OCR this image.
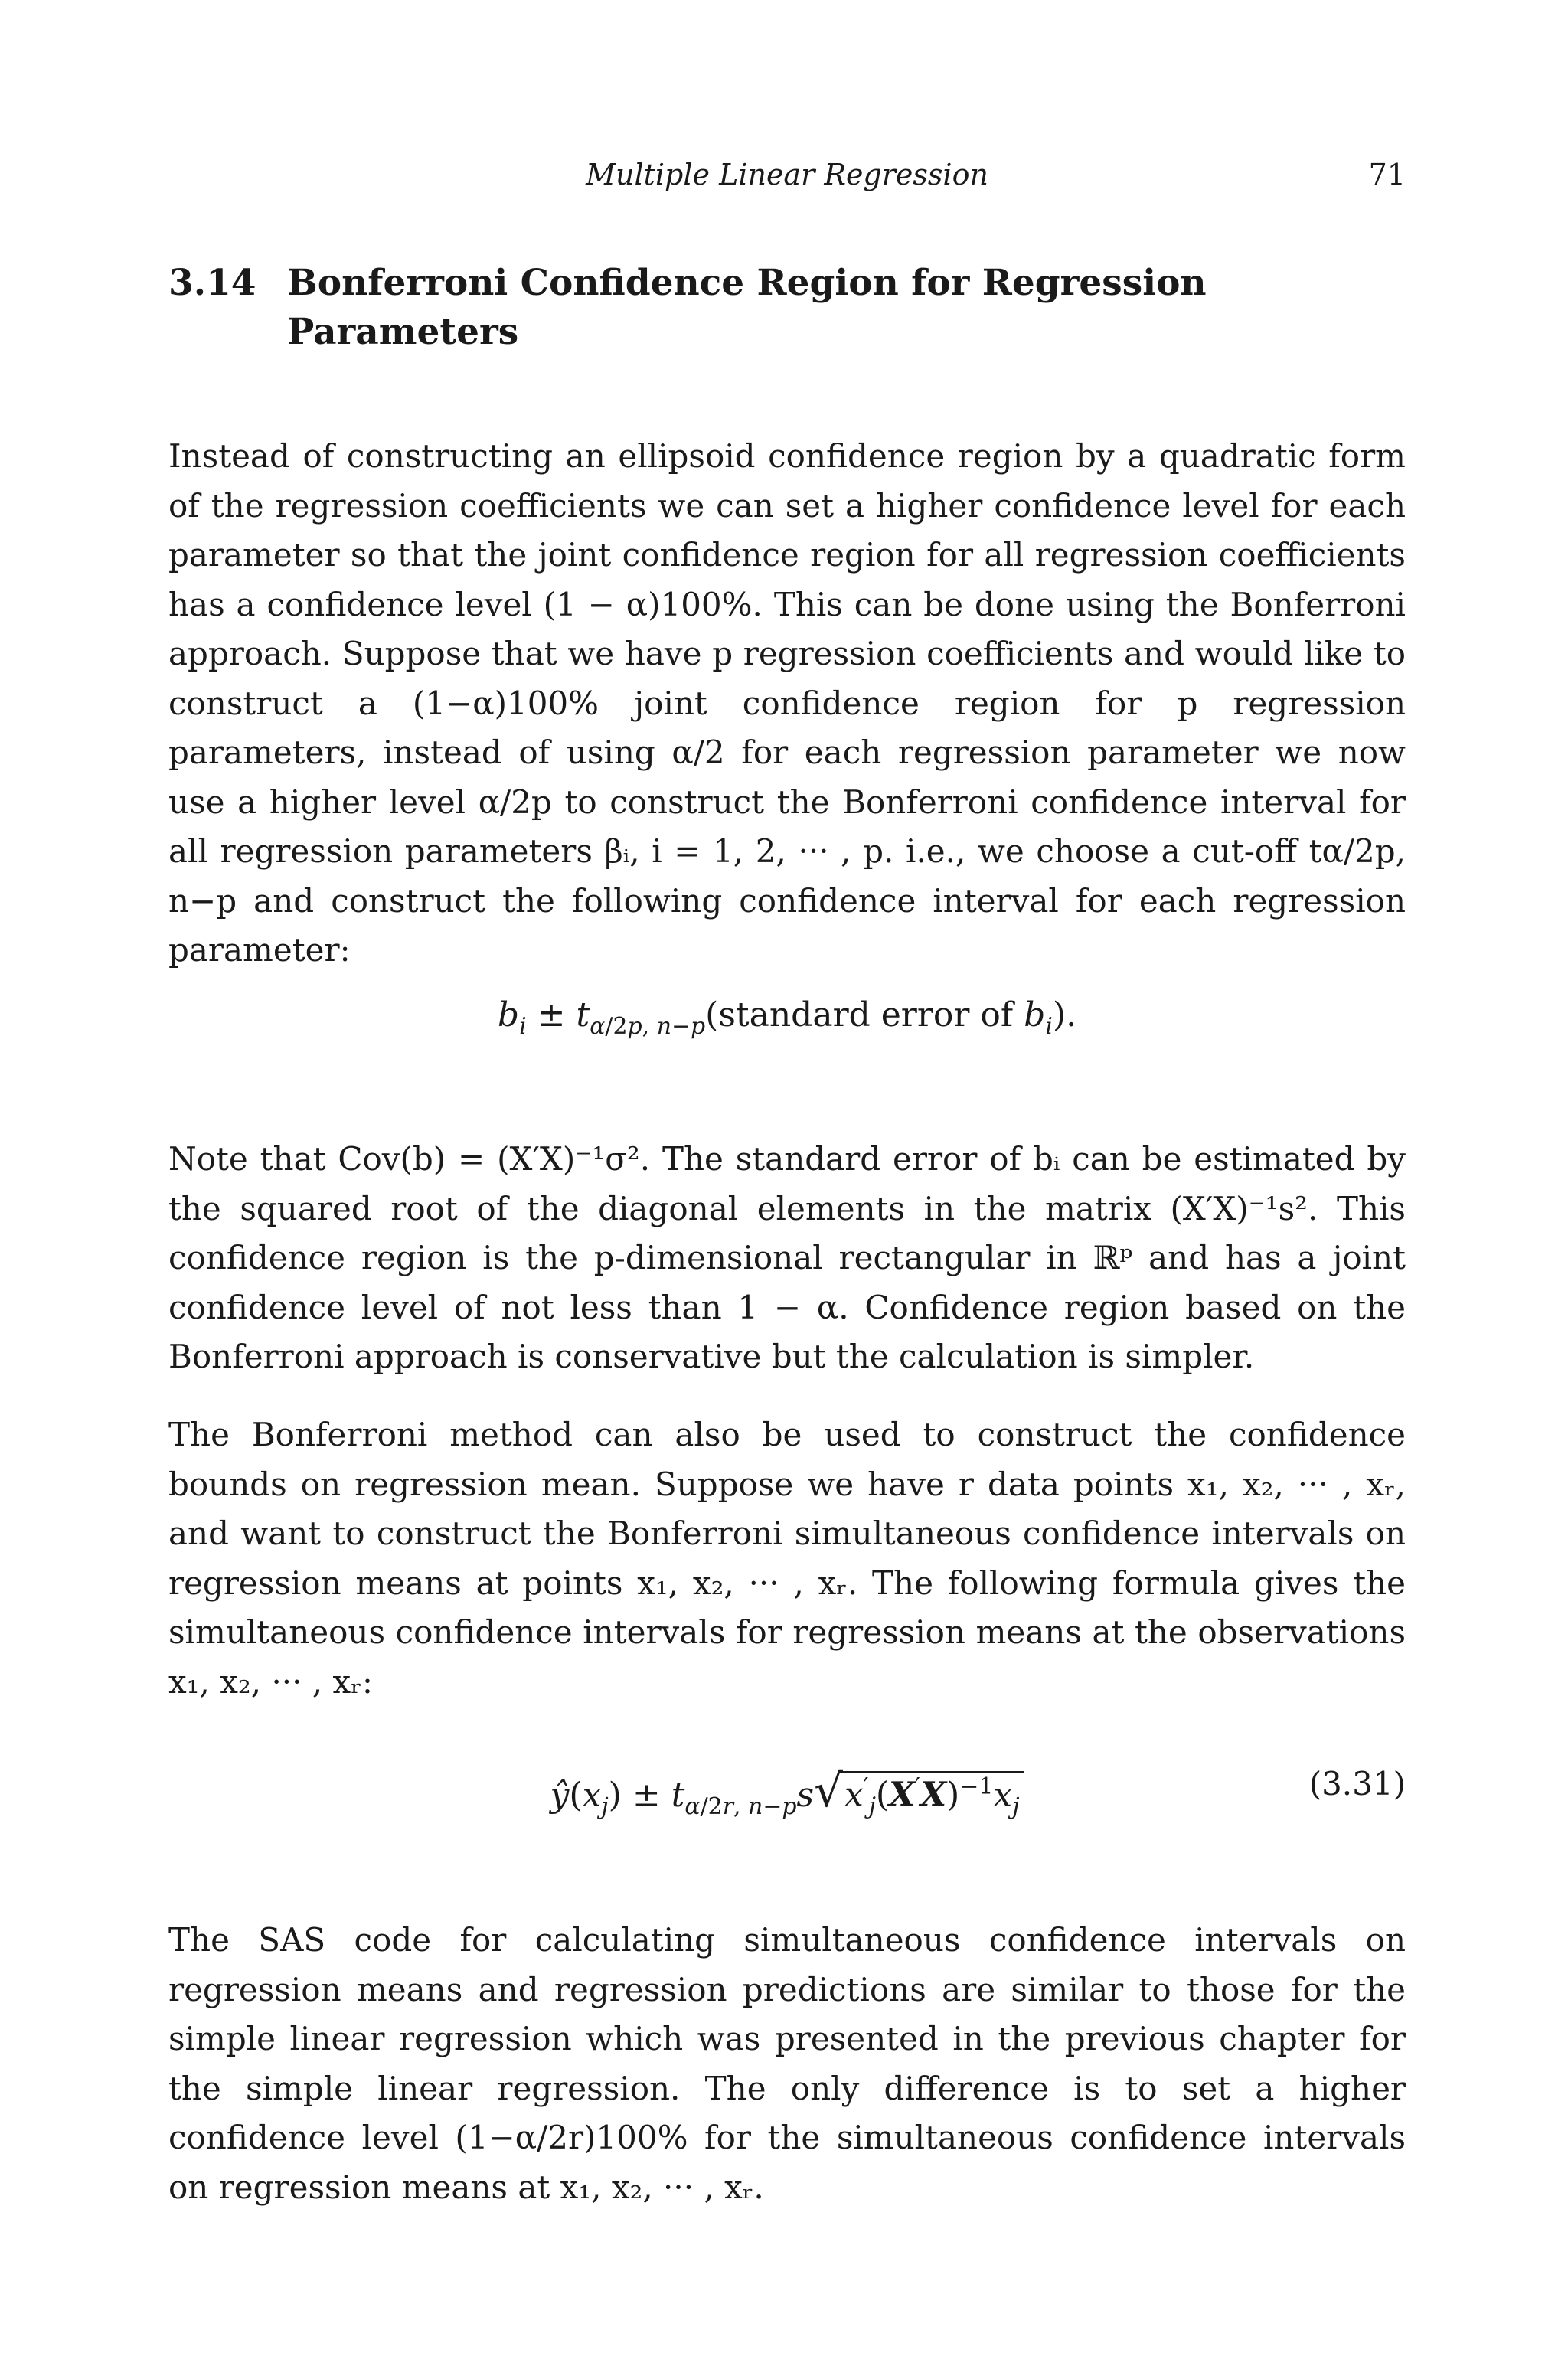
Multiple Linear Regression	71
3.14 Bonferroni Confidence Region for Regression Parameters

Instead of constructing an ellipsoid confidence region by a quadratic form of the regression coefficients we can set a higher confidence level for each parameter so that the joint confidence region for all regression coefficients has a confidence level (1 − α)100%. This can be done using the Bonferroni approach. Suppose that we have p regression coefficients and would like to construct a (1−α)100% joint confidence region for p regression parameters, instead of using α/2 for each regression parameter we now use a higher level α/2p to construct the Bonferroni confidence interval for all regression parameters βᵢ, i = 1, 2, ··· , p. i.e., we choose a cut-off tα/2p, n−p and construct the following confidence interval for each regression parameter:

$b_i$ ± $t_{\alpha/2p, n-p}(standard$ error of $b_i$).

Note that Cov(b) = (X′X)⁻¹σ². The standard error of bᵢ can be estimated by the squared root of the diagonal elements in the matrix (X′X)⁻¹s². This confidence region is the p-dimensional rectangular in ℝᵖ and has a joint confidence level of not less than 1 − α. Confidence region based on the Bonferroni approach is conservative but the calculation is simpler.

The Bonferroni method can also be used to construct the confidence bounds on regression mean. Suppose we have r data points x₁, x₂, ··· , xᵣ, and want to construct the Bonferroni simultaneous confidence intervals on regression means at points x₁, x₂, ··· , xᵣ. The following formula gives the simultaneous confidence intervals for regression means at the observations x₁, x₂, ··· , xᵣ:

$ŷ(x_j) \pm t_{\alpha/2r, n-p}s√x'_j(X'X)^{-1}x_j$
(3.31)

The SAS code for calculating simultaneous confidence intervals on regression means and regression predictions are similar to those for the simple linear regression which was presented in the previous chapter for the simple linear regression. The only difference is to set a higher confidence level (1−α/2r)100% for the simultaneous confidence intervals on regression means at x₁, x₂, ··· , xᵣ.
